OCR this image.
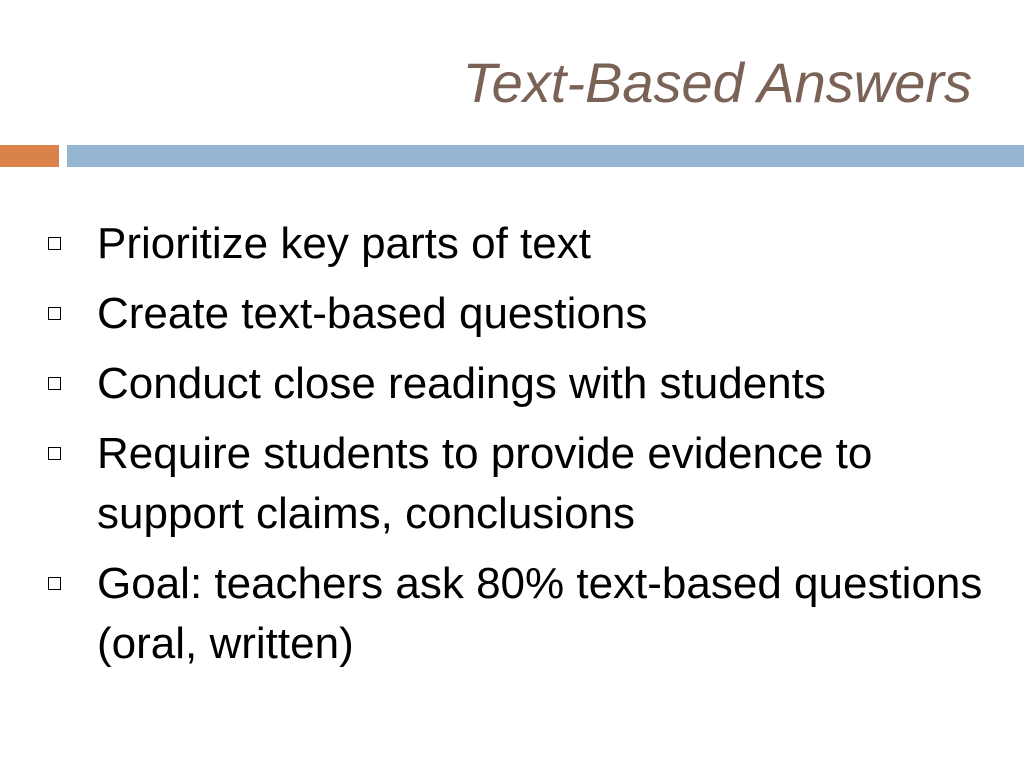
Text-Based Answers
Prioritize key parts of text
Create text-based questions
Conduct close readings with students
Require students to provide evidence to support claims, conclusions
Goal: teachers ask 80% text-based questions (oral, written)
